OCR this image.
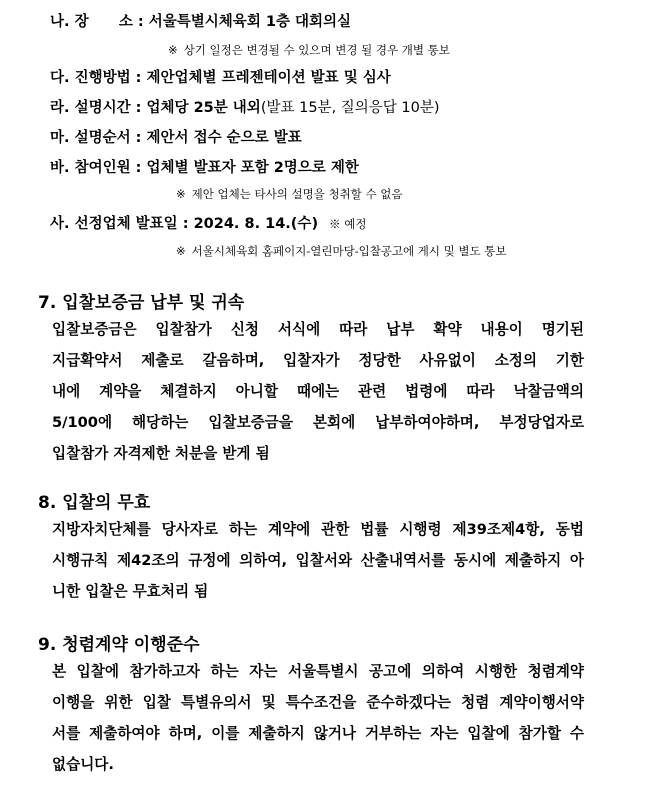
나. 장      소 : 서울특별시체육회 1층 대회의실
※ 상기 일정은 변경될 수 있으며 변경 될 경우 개별 통보
다. 진행방법 : 제안업체별 프레젠테이션 발표 및 심사
라. 설명시간 : 업체당 25분 내외(발표 15분, 질의응답 10분)
마. 설명순서 : 제안서 접수 순으로 발표
바. 참여인원 : 업체별 발표자 포함 2명으로 제한
※ 제안 업체는 타사의 설명을 청취할 수 없음
사. 선정업체 발표일 : 2024. 8. 14.(수) ※ 예정
※ 서울시체육회 홈페이지-열린마당-입찰공고에 게시 및 별도 통보
7. 입찰보증금 납부 및 귀속
입찰보증금은 입찰참가 신청 서식에 따라 납부 확약 내용이 명기된
지급확약서 제출로 갈음하며, 입찰자가 정당한 사유없이 소정의 기한
내에 계약을 체결하지 아니할 때에는 관련 법령에 따라 낙찰금액의
5/100에 해당하는 입찰보증금을 본회에 납부하여야하며, 부정당업자로
입찰참가 자격제한 처분을 받게 됨
8. 입찰의 무효
지방자치단체를 당사자로 하는 계약에 관한 법률 시행령 제39조제4항, 동법
시행규칙 제42조의 규정에 의하여, 입찰서와 산출내역서를 동시에 제출하지 아
니한 입찰은 무효처리 됨
9. 청렴계약 이행준수
본 입찰에 참가하고자 하는 자는 서울특별시 공고에 의하여 시행한 청렴계약
이행을 위한 입찰 특별유의서 및 특수조건을 준수하겠다는 청렴 계약이행서약
서를 제출하여야 하며, 이를 제출하지 않거나 거부하는 자는 입찰에 참가할 수
없습니다.
